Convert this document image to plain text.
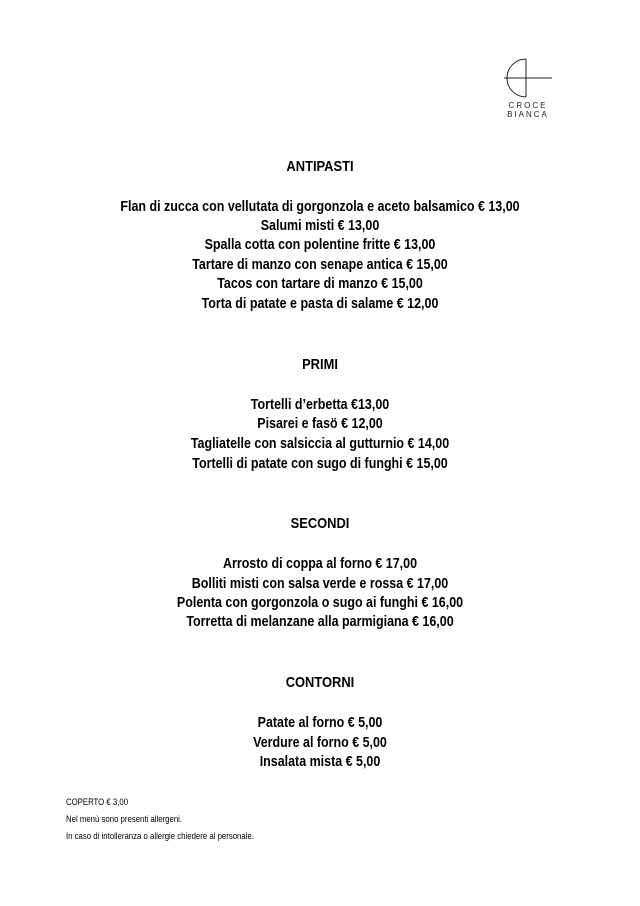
CROCE BIANCA
ANTIPASTI
Flan di zucca con vellutata di gorgonzola e aceto balsamico € 13,00
Salumi misti € 13,00
Spalla cotta con polentine fritte € 13,00
Tartare di manzo con senape antica € 15,00
Tacos con tartare di manzo € 15,00
Torta di patate e pasta di salame € 12,00
PRIMI
Tortelli d’erbetta €13,00
Pisarei e fasö € 12,00
Tagliatelle con salsiccia al gutturnio € 14,00
Tortelli di patate con sugo di funghi € 15,00
SECONDI
Arrosto di coppa al forno € 17,00
Bolliti misti con salsa verde e rossa € 17,00
Polenta con gorgonzola o sugo ai funghi € 16,00
Torretta di melanzane alla parmigiana € 16,00
CONTORNI
Patate al forno € 5,00
Verdure al forno € 5,00
Insalata mista € 5,00
COPERTO € 3,00
Nel menù sono presenti allergeni.
In caso di intolleranza o allergie chiedere al personale.
